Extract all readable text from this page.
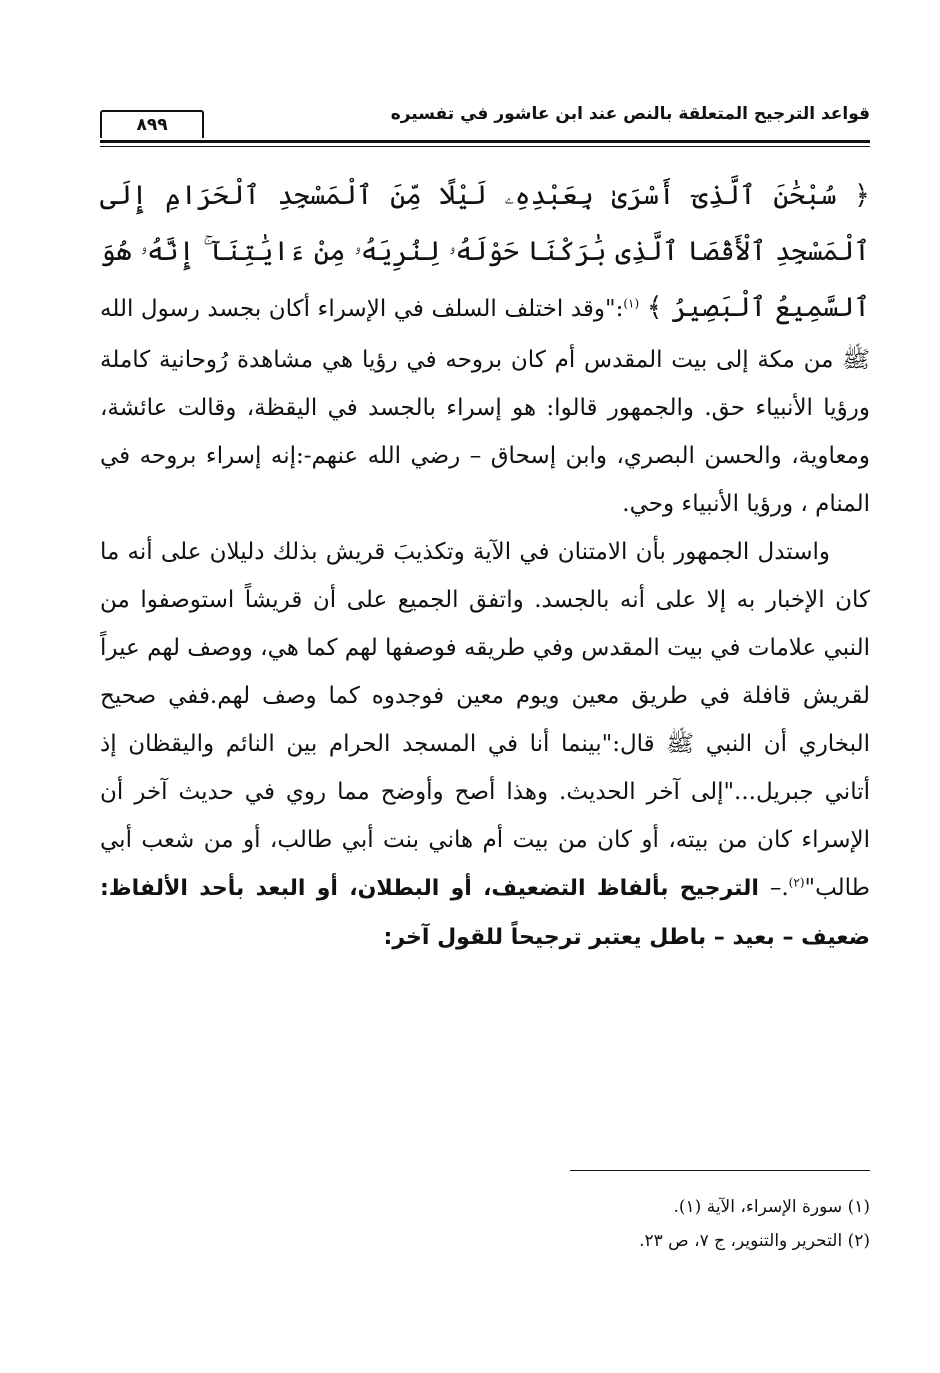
قواعد الترجيح المتعلقة بالنص عند ابن عاشور في تفسيره
٨٩٩
﴿ سُبْحَٰنَ ٱلَّذِىٓ أَسْرَىٰ بِعَبْدِهِۦ لَيْلًا مِّنَ ٱلْمَسْجِدِ ٱلْحَرَامِ إِلَى ٱلْمَسْجِدِ ٱلْأَقْصَا ٱلَّذِى بَٰرَكْنَا حَوْلَهُۥ لِنُرِيَهُۥ مِنْ ءَايَٰتِنَآ ۚ إِنَّهُۥ هُوَ ٱلسَّمِيعُ ٱلْبَصِيرُ ﴾ $^{(١)}$:"وقد اختلف السلف في الإسراء أكان بجسد رسول الله ﷺ من مكة إلى بيت المقدس أم كان بروحه في رؤيا هي مشاهدة رُوحانية كاملة ورؤيا الأنبياء حق. والجمهور قالوا: هو إسراء بالجسد في اليقظة، وقالت عائشة، ومعاوية، والحسن البصري، وابن إسحاق – رضي الله عنهم-:إنه إسراء بروحه في المنام ، ورؤيا الأنبياء وحي.
واستدل الجمهور بأن الامتنان في الآية وتكذيبَ قريش بذلك دليلان على أنه ما كان الإخبار به إلا على أنه بالجسد. واتفق الجميع على أن قريشاً استوصفوا من النبي علامات في بيت المقدس وفي طريقه فوصفها لهم كما هي، ووصف لهم عيراً لقريش قافلة في طريق معين ويوم معين فوجدوه كما وصف لهم.ففي صحيح البخاري أن النبي ﷺ قال:"بينما أنا في المسجد الحرام بين النائم واليقظان إذ أتاني جبريل..."إلى آخر الحديث. وهذا أصح وأوضح مما روي في حديث آخر أن الإسراء كان من بيته، أو كان من بيت أم هاني بنت أبي طالب، أو من شعب أبي طالب"$^{(٢)}$.– الترجيح بألفاظ التضعيف، أو البطلان، أو البعد بأحد الألفاظ: ضعيف – بعيد – باطل يعتبر ترجيحاً للقول آخر:
(١) سورة الإسراء، الآية (١).
(٢) التحرير والتنوير، ج ٧، ص ٢٣.
